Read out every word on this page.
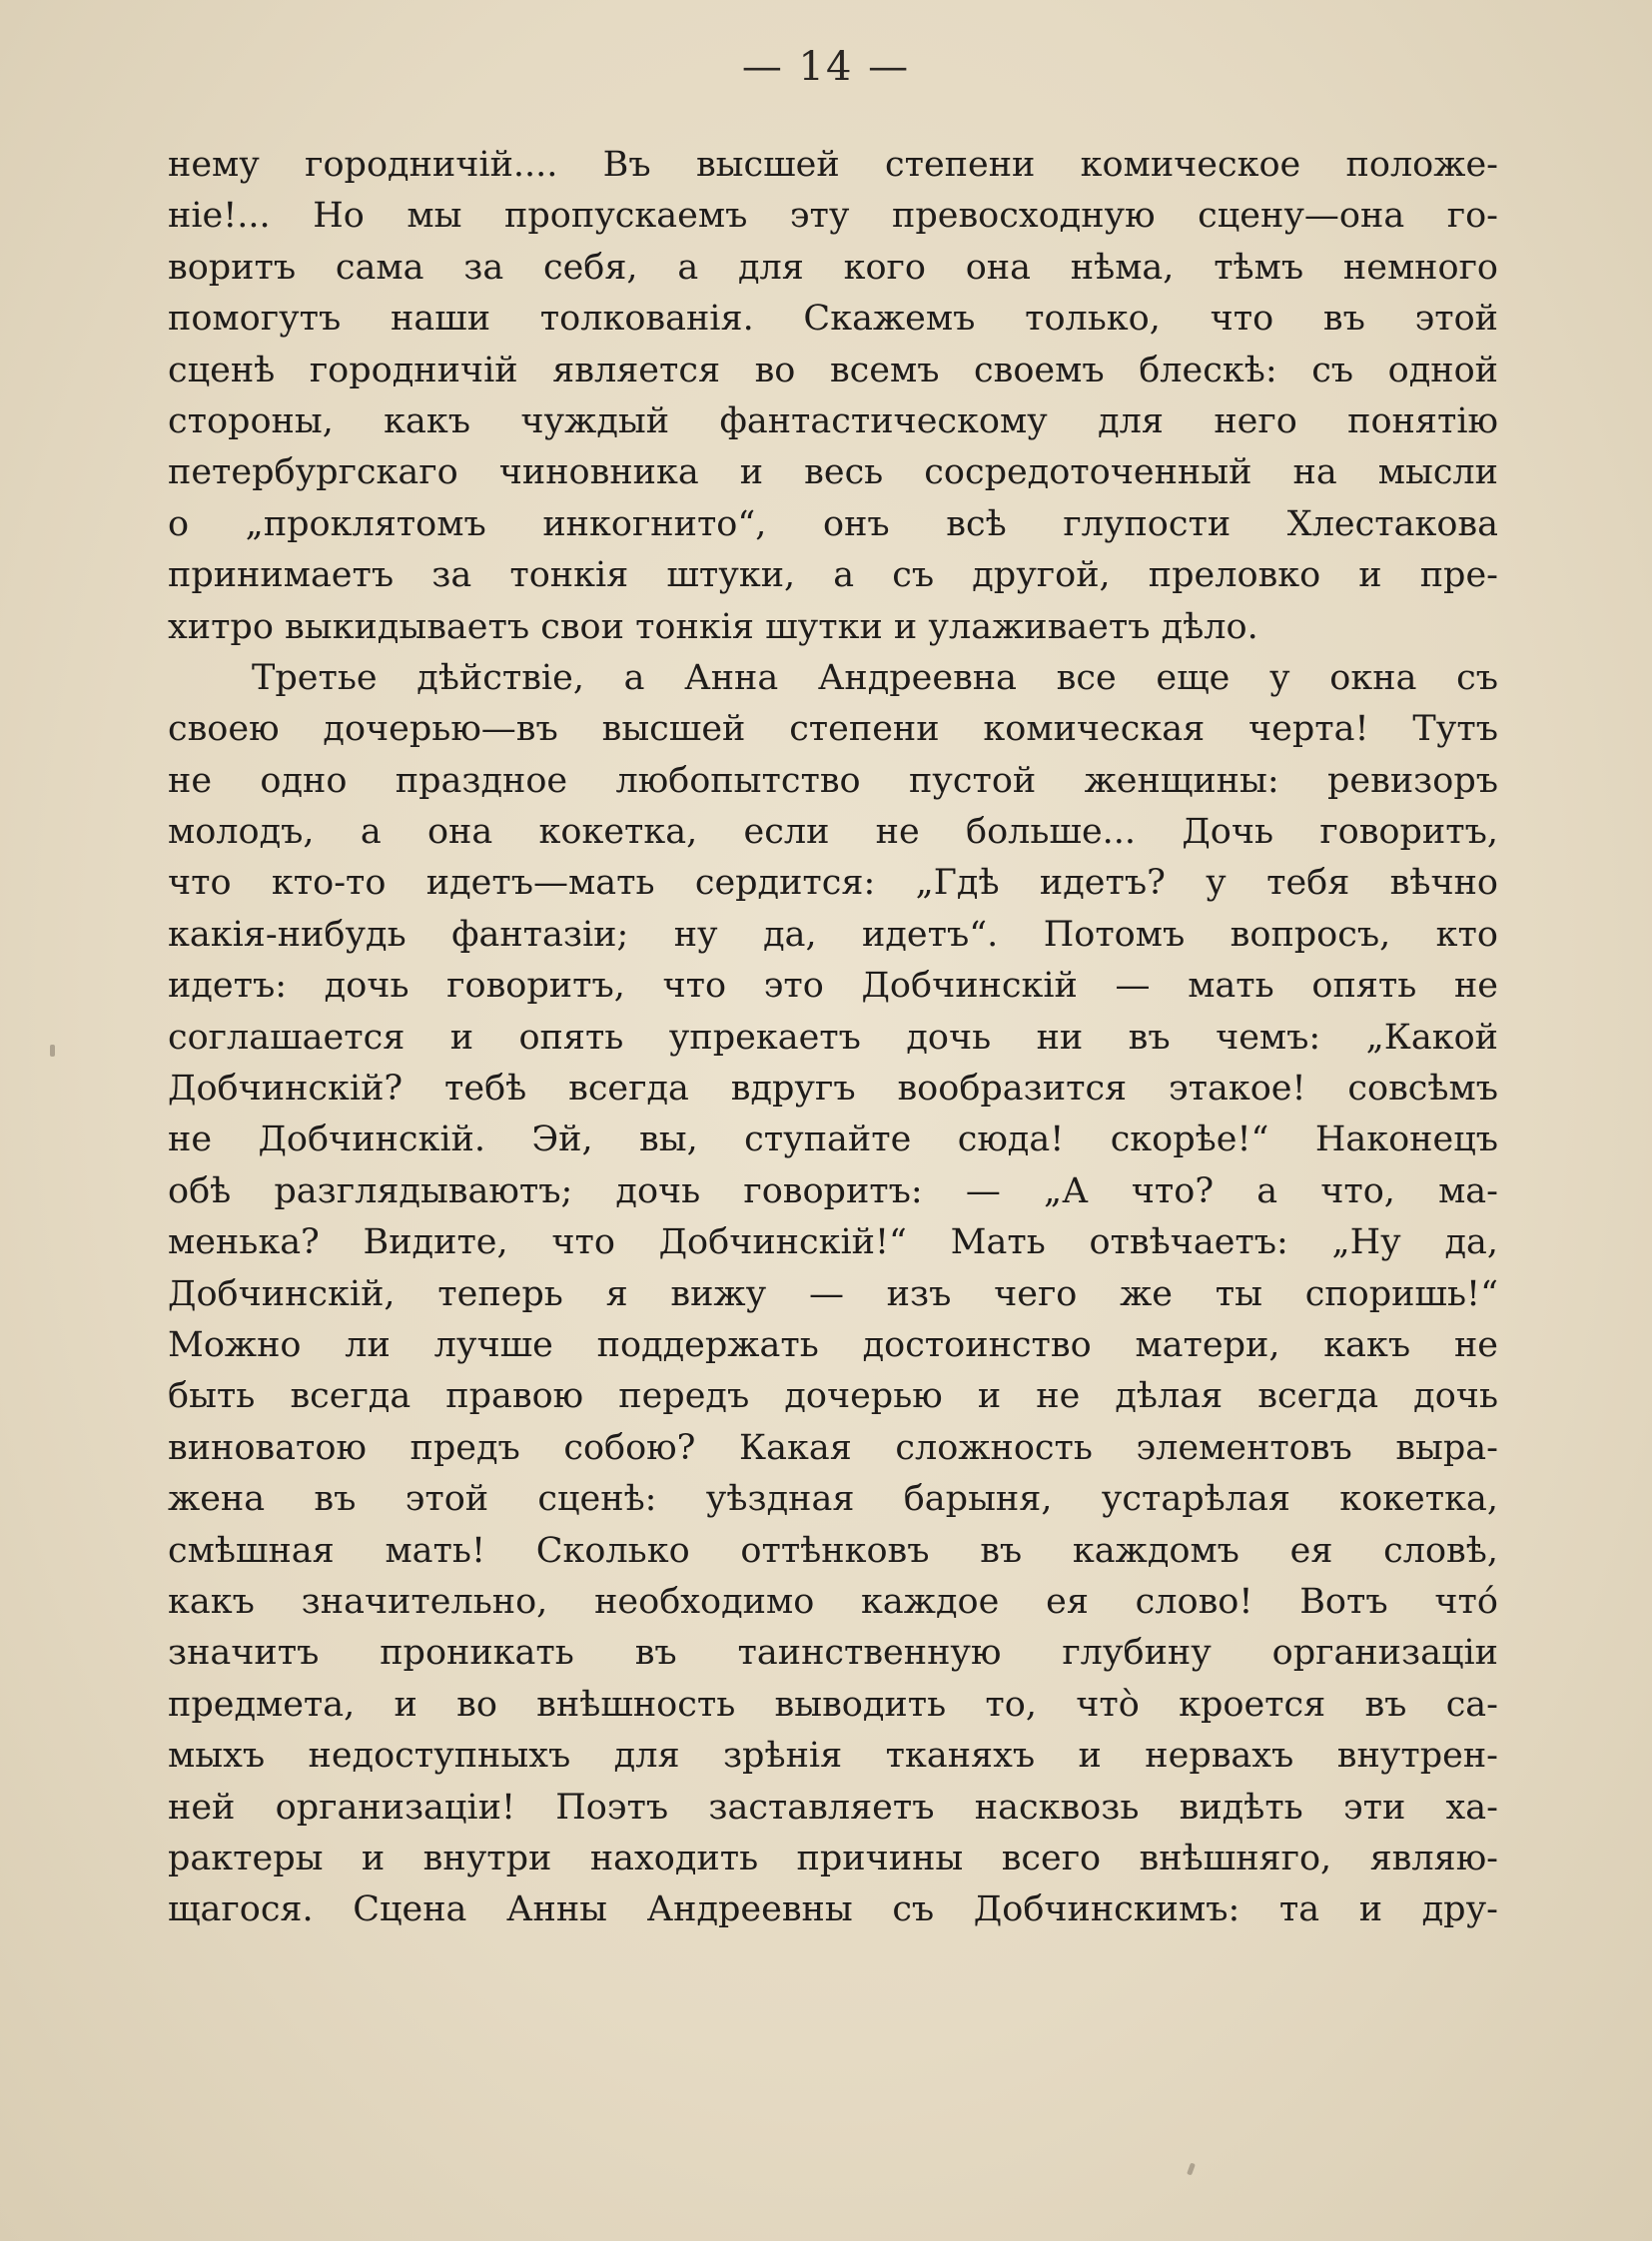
— 14 —
нему городничій.... Въ высшей степени комическое положе-
ніе!... Но мы пропускаемъ эту превосходную сцену—она го-
воритъ сама за себя, а для кого она нѣма, тѣмъ немного
помогутъ наши толкованія. Скажемъ только, что въ этой
сценѣ городничій является во всемъ своемъ блескѣ: съ одной
стороны, какъ чуждый фантастическому для него понятію
петербургскаго чиновника и весь сосредоточенный на мысли
о „проклятомъ инкогнито“, онъ всѣ глупости Хлестакова
принимаетъ за тонкія штуки, а съ другой, преловко и пре-
хитро выкидываетъ свои тонкія шутки и улаживаетъ дѣло.
Третье дѣйствіе, а Анна Андреевна все еще у окна съ
своею дочерью—въ высшей степени комическая черта! Тутъ
не одно праздное любопытство пустой женщины: ревизоръ
молодъ, а она кокетка, если не больше... Дочь говоритъ,
что кто-то идетъ—мать сердится: „Гдѣ идетъ? у тебя вѣчно
какія-нибудь фантазіи; ну да, идетъ“. Потомъ вопросъ, кто
идетъ: дочь говоритъ, что это Добчинскій — мать опять не
соглашается и опять упрекаетъ дочь ни въ чемъ: „Какой
Добчинскій? тебѣ всегда вдругъ вообразится этакое! совсѣмъ
не Добчинскій. Эй, вы, ступайте сюда! скорѣе!“ Наконецъ
обѣ разглядываютъ; дочь говоритъ: — „А что? а что, ма-
менька? Видите, что Добчинскій!“ Мать отвѣчаетъ: „Ну да,
Добчинскій, теперь я вижу — изъ чего же ты споришь!“
Можно ли лучше поддержать достоинство матери, какъ не
быть всегда правою передъ дочерью и не дѣлая всегда дочь
виноватою предъ собою? Какая сложность элементовъ выра-
жена въ этой сценѣ: уѣздная барыня, устарѣлая кокетка,
смѣшная мать! Сколько оттѣнковъ въ каждомъ ея словѣ,
какъ значительно, необходимо каждое ея слово! Вотъ чтó
значитъ проникать въ таинственную глубину организаціи
предмета, и во внѣшность выводить то, чтò кроется въ са-
мыхъ недоступныхъ для зрѣнія тканяхъ и нервахъ внутрен-
ней организаціи! Поэтъ заставляетъ насквозь видѣть эти ха-
рактеры и внутри находить причины всего внѣшняго, являю-
щагося. Сцена Анны Андреевны съ Добчинскимъ: та и дру-
